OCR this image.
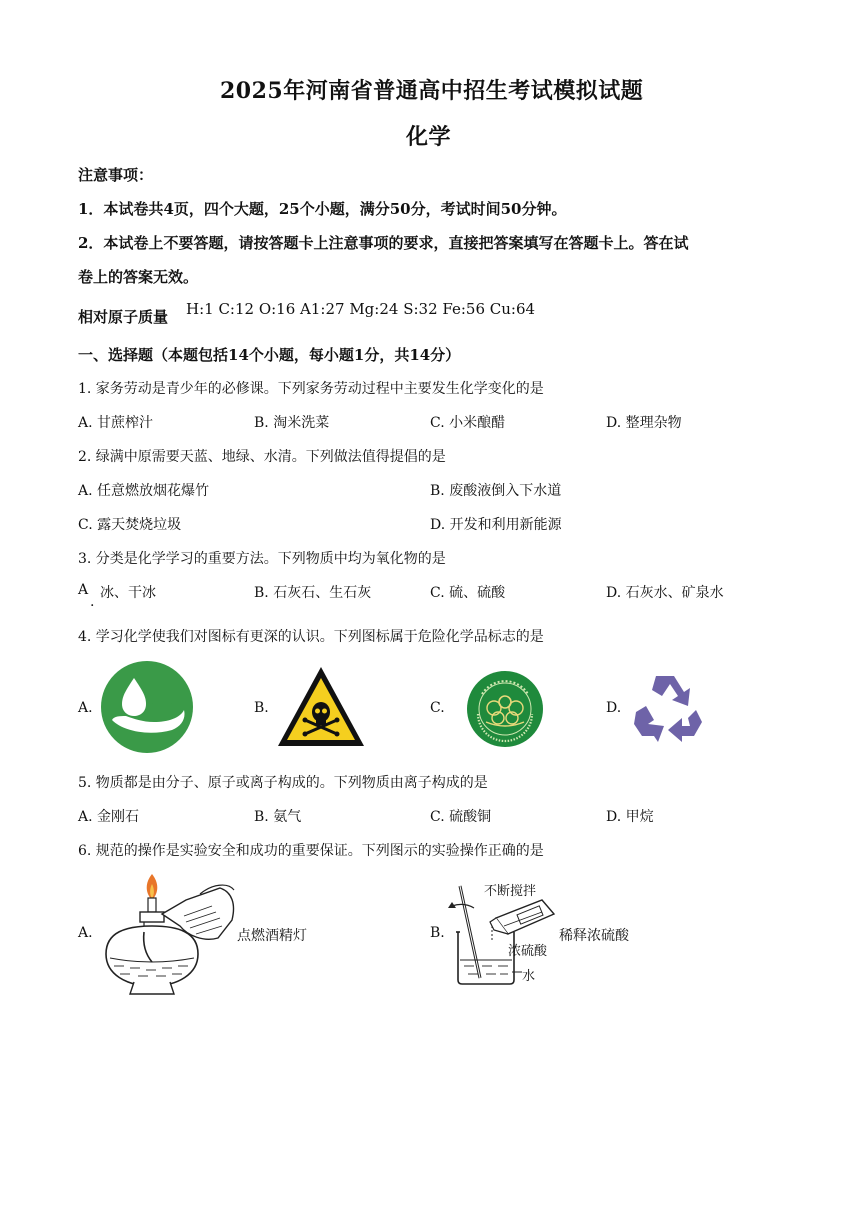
2025年河南省普通高中招生考试模拟试题
化学
注意事项：
1．本试卷共4页，四个大题，25个小题，满分50分，考试时间50分钟。
2．本试卷上不要答题，请按答题卡上注意事项的要求，直接把答案填写在答题卡上。答在试
卷上的答案无效。
相对原子质量 H:1 C:12 O:16 A1:27 Mg:24 S:32 Fe:56 Cu:64
一、选择题（本题包括14个小题，每小题1分，共14分）
1. 家务劳动是青少年的必修课。下列家务劳动过程中主要发生化学变化的是
A. 甘蔗榨汁	B. 淘米洗菜	C. 小米酿醋	D. 整理杂物
2. 绿满中原需要天蓝、地绿、水清。下列做法值得提倡的是
A. 任意燃放烟花爆竹	B. 废酸液倒入下水道
C. 露天焚烧垃圾	D. 开发和利用新能源
3. 分类是化学学习的重要方法。下列物质中均为氧化物的是
A
.
冰、干冰	B. 石灰石、生石灰	C. 硫、硫酸	D. 石灰水、矿泉水
4. 学习化学使我们对图标有更深的认识。下列图标属于危险化学品标志的是
A.	B.	C.	D.
5. 物质都是由分子、原子或离子构成的。下列物质由离子构成的是
A. 金刚石	B. 氨气	C. 硫酸铜	D. 甲烷
6. 规范的操作是实验安全和成功的重要保证。下列图示的实验操作正确的是
A.	B.
点燃酒精灯
不断搅拌
稀释浓硫酸
浓硫酸
水
